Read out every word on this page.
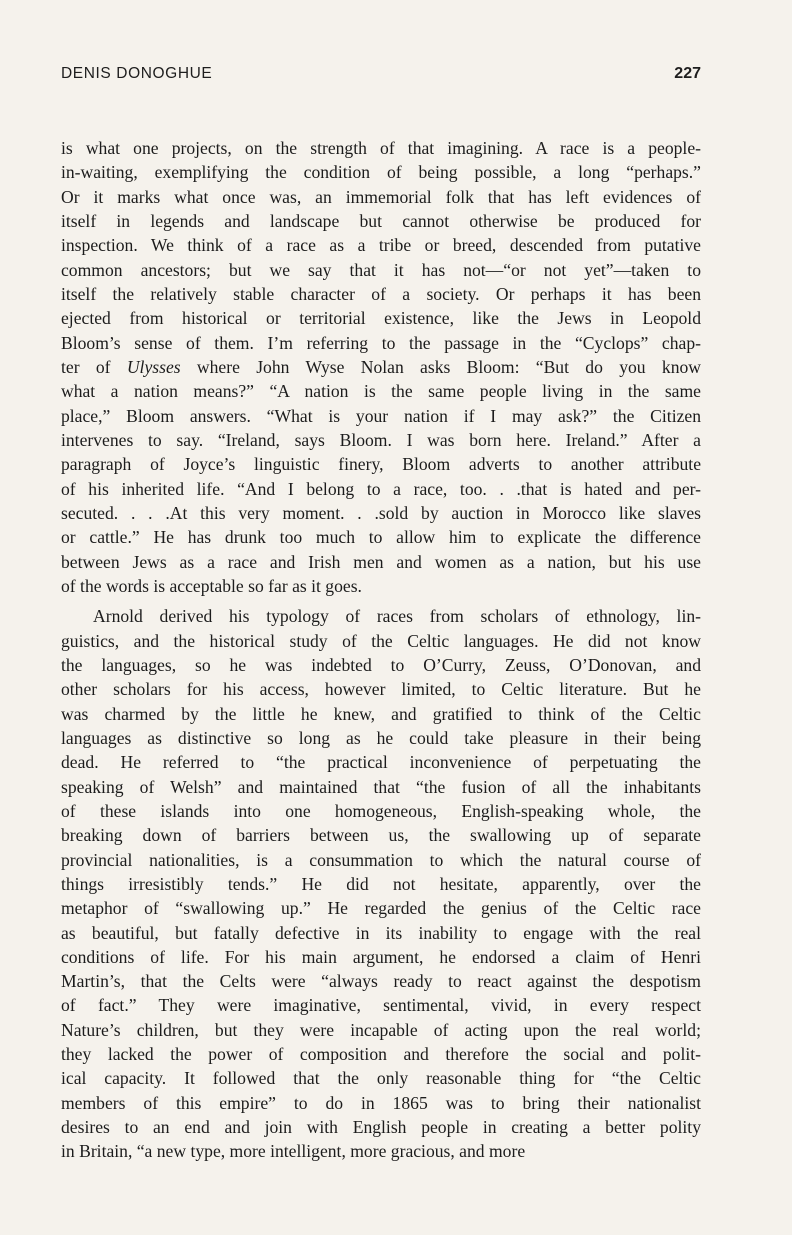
DENIS DONOGHUE	227
is what one projects, on the strength of that imagining. A race is a people-
in-waiting, exemplifying the condition of being possible, a long “perhaps.”
Or it marks what once was, an immemorial folk that has left evidences of
itself in legends and landscape but cannot otherwise be produced for
inspection. We think of a race as a tribe or breed, descended from putative
common ancestors; but we say that it has not—“or not yet”—taken to
itself the relatively stable character of a society. Or perhaps it has been
ejected from historical or territorial existence, like the Jews in Leopold
Bloom’s sense of them. I’m referring to the passage in the “Cyclops” chap-
ter of Ulysses where John Wyse Nolan asks Bloom: “But do you know
what a nation means?” “A nation is the same people living in the same
place,” Bloom answers. “What is your nation if I may ask?” the Citizen
intervenes to say. “Ireland, says Bloom. I was born here. Ireland.” After a
paragraph of Joyce’s linguistic finery, Bloom adverts to another attribute
of his inherited life. “And I belong to a race, too. . .that is hated and per-
secuted. . . .At this very moment. . .sold by auction in Morocco like slaves
or cattle.” He has drunk too much to allow him to explicate the difference
between Jews as a race and Irish men and women as a nation, but his use
of the words is acceptable so far as it goes.
Arnold derived his typology of races from scholars of ethnology, lin-
guistics, and the historical study of the Celtic languages. He did not know
the languages, so he was indebted to O’Curry, Zeuss, O’Donovan, and
other scholars for his access, however limited, to Celtic literature. But he
was charmed by the little he knew, and gratified to think of the Celtic
languages as distinctive so long as he could take pleasure in their being
dead. He referred to “the practical inconvenience of perpetuating the
speaking of Welsh” and maintained that “the fusion of all the inhabitants
of these islands into one homogeneous, English-speaking whole, the
breaking down of barriers between us, the swallowing up of separate
provincial nationalities, is a consummation to which the natural course of
things irresistibly tends.” He did not hesitate, apparently, over the
metaphor of “swallowing up.” He regarded the genius of the Celtic race
as beautiful, but fatally defective in its inability to engage with the real
conditions of life. For his main argument, he endorsed a claim of Henri
Martin’s, that the Celts were “always ready to react against the despotism
of fact.” They were imaginative, sentimental, vivid, in every respect
Nature’s children, but they were incapable of acting upon the real world;
they lacked the power of composition and therefore the social and polit-
ical capacity. It followed that the only reasonable thing for “the Celtic
members of this empire” to do in 1865 was to bring their nationalist
desires to an end and join with English people in creating a better polity
in Britain, “a new type, more intelligent, more gracious, and more
